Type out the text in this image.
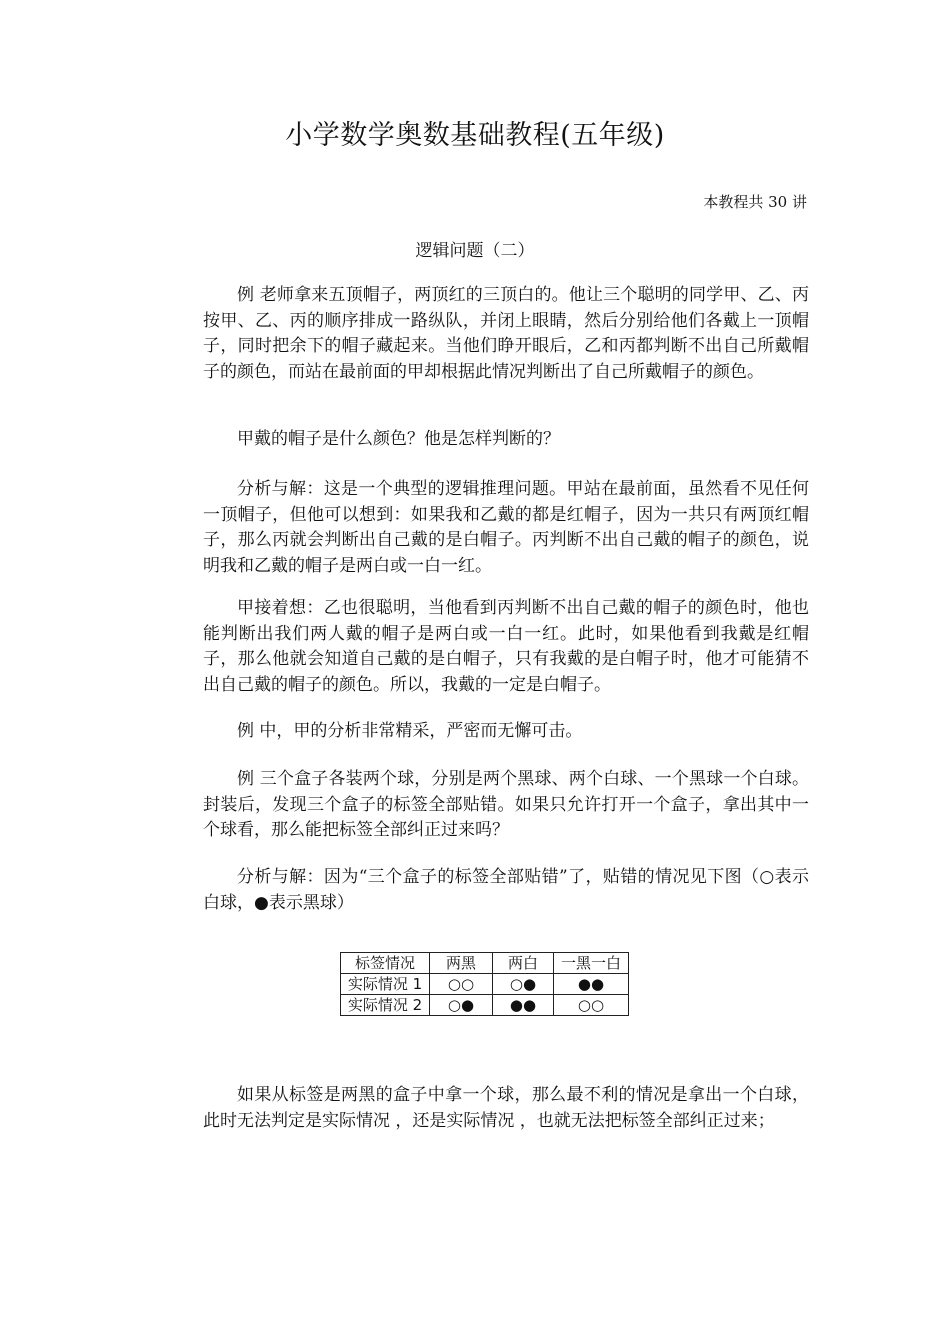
小学数学奥数基础教程(五年级)
本教程共 30 讲
逻辑问题（二）

例 老师拿来五顶帽子，两顶红的三顶白的。他让三个聪明的同学甲、乙、丙按甲、乙、丙的顺序排成一路纵队，并闭上眼睛，然后分别给他们各戴上一顶帽子，同时把余下的帽子藏起来。当他们睁开眼后，乙和丙都判断不出自己所戴帽子的颜色，而站在最前面的甲却根据此情况判断出了自己所戴帽子的颜色。

甲戴的帽子是什么颜色？他是怎样判断的？

分析与解：这是一个典型的逻辑推理问题。甲站在最前面，虽然看不见任何一顶帽子，但他可以想到：如果我和乙戴的都是红帽子，因为一共只有两顶红帽子，那么丙就会判断出自己戴的是白帽子。丙判断不出自己戴的帽子的颜色，说明我和乙戴的帽子是两白或一白一红。

甲接着想：乙也很聪明，当他看到丙判断不出自己戴的帽子的颜色时，他也能判断出我们两人戴的帽子是两白或一白一红。此时，如果他看到我戴是红帽子，那么他就会知道自己戴的是白帽子，只有我戴的是白帽子时，他才可能猜不出自己戴的帽子的颜色。所以，我戴的一定是白帽子。

例 中，甲的分析非常精采，严密而无懈可击。

例 三个盒子各装两个球，分别是两个黑球、两个白球、一个黑球一个白球。封装后，发现三个盒子的标签全部贴错。如果只允许打开一个盒子，拿出其中一个球看，那么能把标签全部纠正过来吗？

分析与解：因为“三个盒子的标签全部贴错”了，贴错的情况见下图（○表示白球，●表示黑球）

标签情况	两黑	两白	一黑一白
实际情况 1	○○	○●	●●
实际情况 2	○●	●●	○○

如果从标签是两黑的盒子中拿一个球，那么最不利的情况是拿出一个白球，此时无法判定是实际情况 ，还是实际情况 ，也就无法把标签全部纠正过来；
